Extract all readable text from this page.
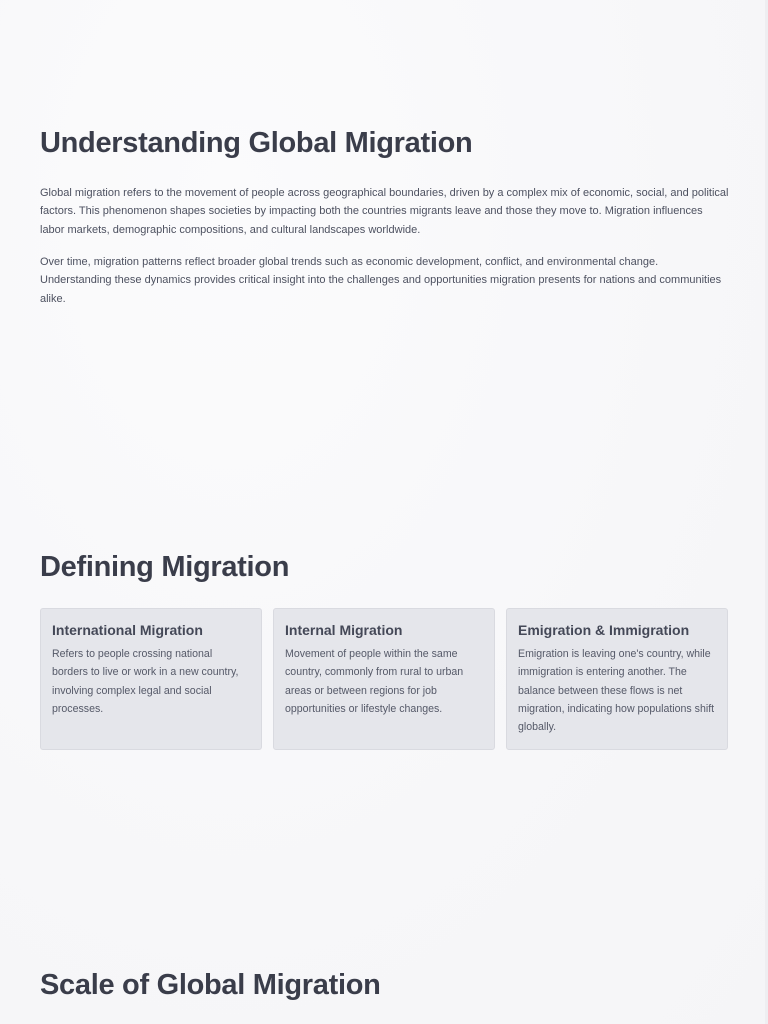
Understanding Global Migration

Global migration refers to the movement of people across geographical boundaries, driven by a complex mix of economic, social, and political factors. This phenomenon shapes societies by impacting both the countries migrants leave and those they move to. Migration influences labor markets, demographic compositions, and cultural landscapes worldwide.

Over time, migration patterns reflect broader global trends such as economic development, conflict, and environmental change. Understanding these dynamics provides critical insight into the challenges and opportunities migration presents for nations and communities alike.

Defining Migration
International Migration

Refers to people crossing national borders to live or work in a new country, involving complex legal and social processes.

Internal Migration

Movement of people within the same country, commonly from rural to urban areas or between regions for job opportunities or lifestyle changes.

Emigration & Immigration

Emigration is leaving one's country, while immigration is entering another. The balance between these flows is net migration, indicating how populations shift globally.

Scale of Global Migration
